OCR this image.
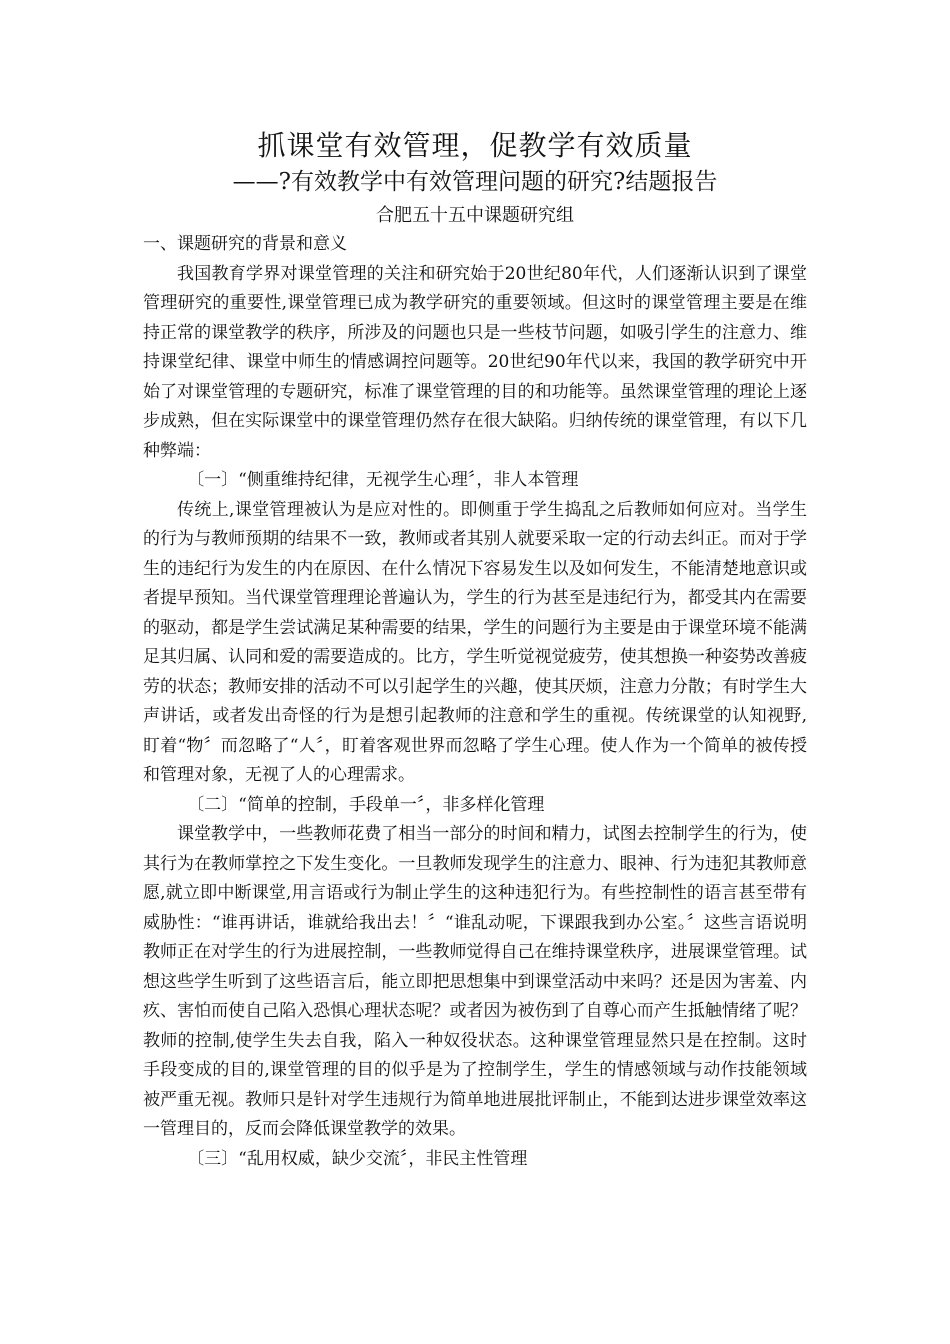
抓课堂有效管理，促教学有效质量
——?有效教学中有效管理问题的研究?结题报告
合肥五十五中课题研究组

一、课题研究的背景和意义

我国教育学界对课堂管理的关注和研究始于20世纪80年代，人们逐渐认识到了课堂管理研究的重要性,课堂管理已成为教学研究的重要领域。但这时的课堂管理主要是在维持正常的课堂教学的秩序，所涉及的问题也只是一些枝节问题，如吸引学生的注意力、维持课堂纪律、课堂中师生的情感调控问题等。20世纪90年代以来，我国的教学研究中开始了对课堂管理的专题研究，标准了课堂管理的目的和功能等。虽然课堂管理的理论上逐步成熟，但在实际课堂中的课堂管理仍然存在很大缺陷。归纳传统的课堂管理，有以下几种弊端：

〔一〕“侧重维持纪律，无视学生心理〞，非人本管理

传统上,课堂管理被认为是应对性的。即侧重于学生捣乱之后教师如何应对。当学生的行为与教师预期的结果不一致，教师或者其别人就要采取一定的行动去纠正。而对于学生的违纪行为发生的内在原因、在什么情况下容易发生以及如何发生，不能清楚地意识或者提早预知。当代课堂管理理论普遍认为，学生的行为甚至是违纪行为，都受其内在需要的驱动，都是学生尝试满足某种需要的结果，学生的问题行为主要是由于课堂环境不能满足其归属、认同和爱的需要造成的。比方，学生听觉视觉疲劳，使其想换一种姿势改善疲劳的状态；教师安排的活动不可以引起学生的兴趣，使其厌烦，注意力分散；有时学生大声讲话，或者发出奇怪的行为是想引起教师的注意和学生的重视。传统课堂的认知视野,盯着“物〞而忽略了“人〞，盯着客观世界而忽略了学生心理。使人作为一个简单的被传授和管理对象，无视了人的心理需求。

〔二〕“简单的控制，手段单一〞，非多样化管理

课堂教学中，一些教师花费了相当一部分的时间和精力，试图去控制学生的行为，使其行为在教师掌控之下发生变化。一旦教师发现学生的注意力、眼神、行为违犯其教师意愿,就立即中断课堂,用言语或行为制止学生的这种违犯行为。有些控制性的语言甚至带有威胁性：“谁再讲话，谁就给我出去！〞“谁乱动呢，下课跟我到办公室。〞这些言语说明教师正在对学生的行为进展控制，一些教师觉得自己在维持课堂秩序，进展课堂管理。试想这些学生听到了这些语言后，能立即把思想集中到课堂活动中来吗？还是因为害羞、内疚、害怕而使自己陷入恐惧心理状态呢？或者因为被伤到了自尊心而产生抵触情绪了呢？教师的控制,使学生失去自我，陷入一种奴役状态。这种课堂管理显然只是在控制。这时手段变成的目的,课堂管理的目的似乎是为了控制学生，学生的情感领域与动作技能领域被严重无视。教师只是针对学生违规行为简单地进展批评制止，不能到达进步课堂效率这一管理目的，反而会降低课堂教学的效果。

〔三〕“乱用权威，缺少交流〞，非民主性管理
